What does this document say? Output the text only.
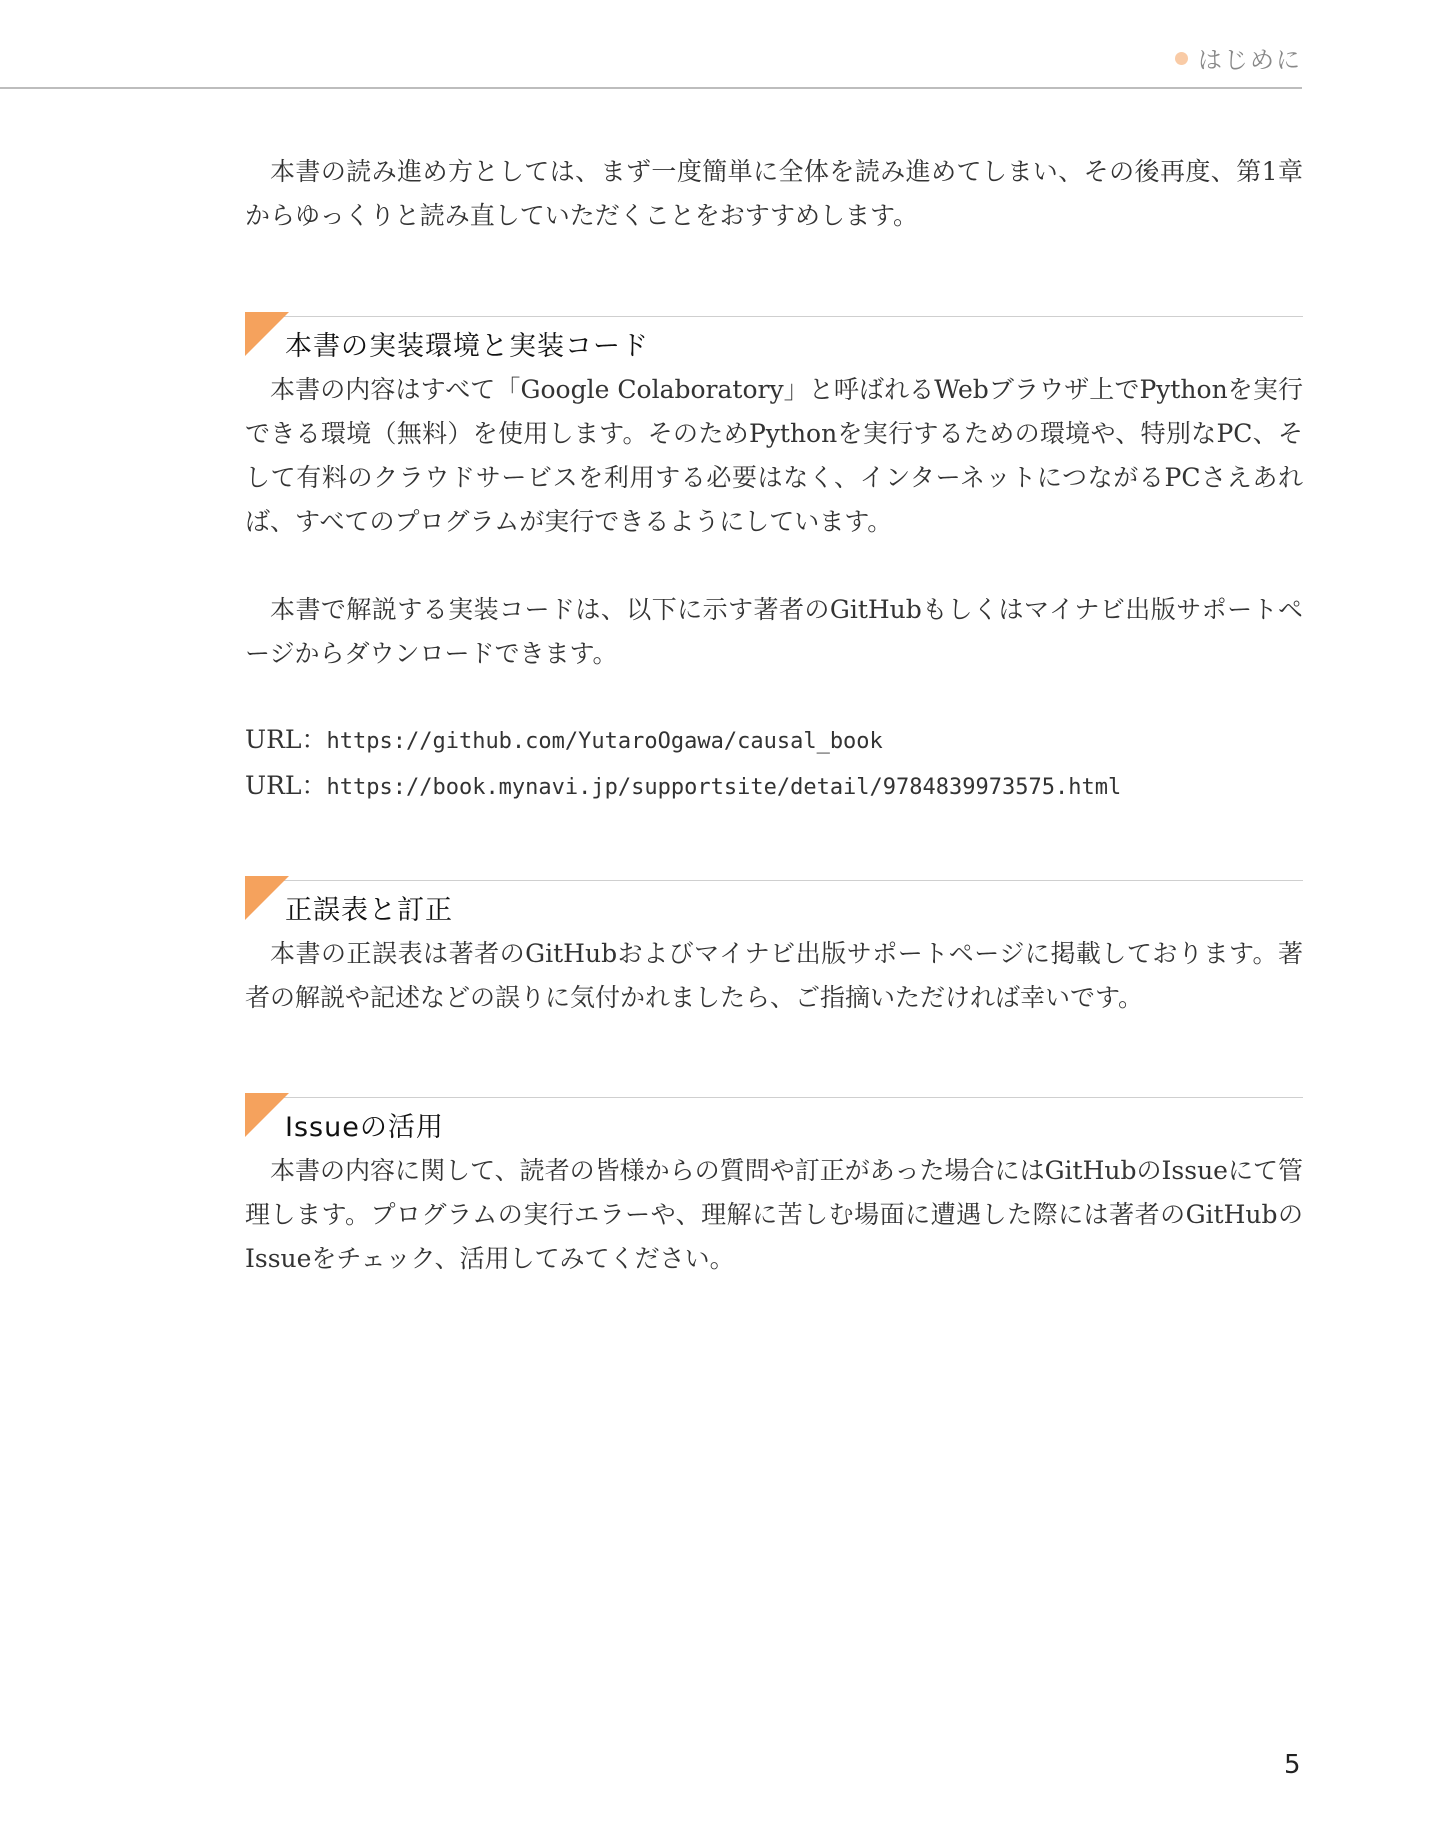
はじめに

本書の読み進め方としては、まず一度簡単に全体を読み進めてしまい、その後再度、第1章からゆっくりと読み直していただくことをおすすめします。

本書の実装環境と実装コード

本書の内容はすべて「Google Colaboratory」と呼ばれるWebブラウザ上でPythonを実行できる環境（無料）を使用します。そのためPythonを実行するための環境や、特別なPC、そして有料のクラウドサービスを利用する必要はなく、インターネットにつながるPCさえあれば、すべてのプログラムが実行できるようにしています。

本書で解説する実装コードは、以下に示す著者のGitHubもしくはマイナビ出版サポートページからダウンロードできます。

URL：https://github.com/YutaroOgawa/causal_book
URL：https://book.mynavi.jp/supportsite/detail/9784839973575.html
正誤表と訂正

本書の正誤表は著者のGitHubおよびマイナビ出版サポートページに掲載しております。著者の解説や記述などの誤りに気付かれましたら、ご指摘いただければ幸いです。

Issueの活用

本書の内容に関して、読者の皆様からの質問や訂正があった場合にはGitHubのIssueにて管理します。プログラムの実行エラーや、理解に苦しむ場面に遭遇した際には著者のGitHubのIssueをチェック、活用してみてください。

5
